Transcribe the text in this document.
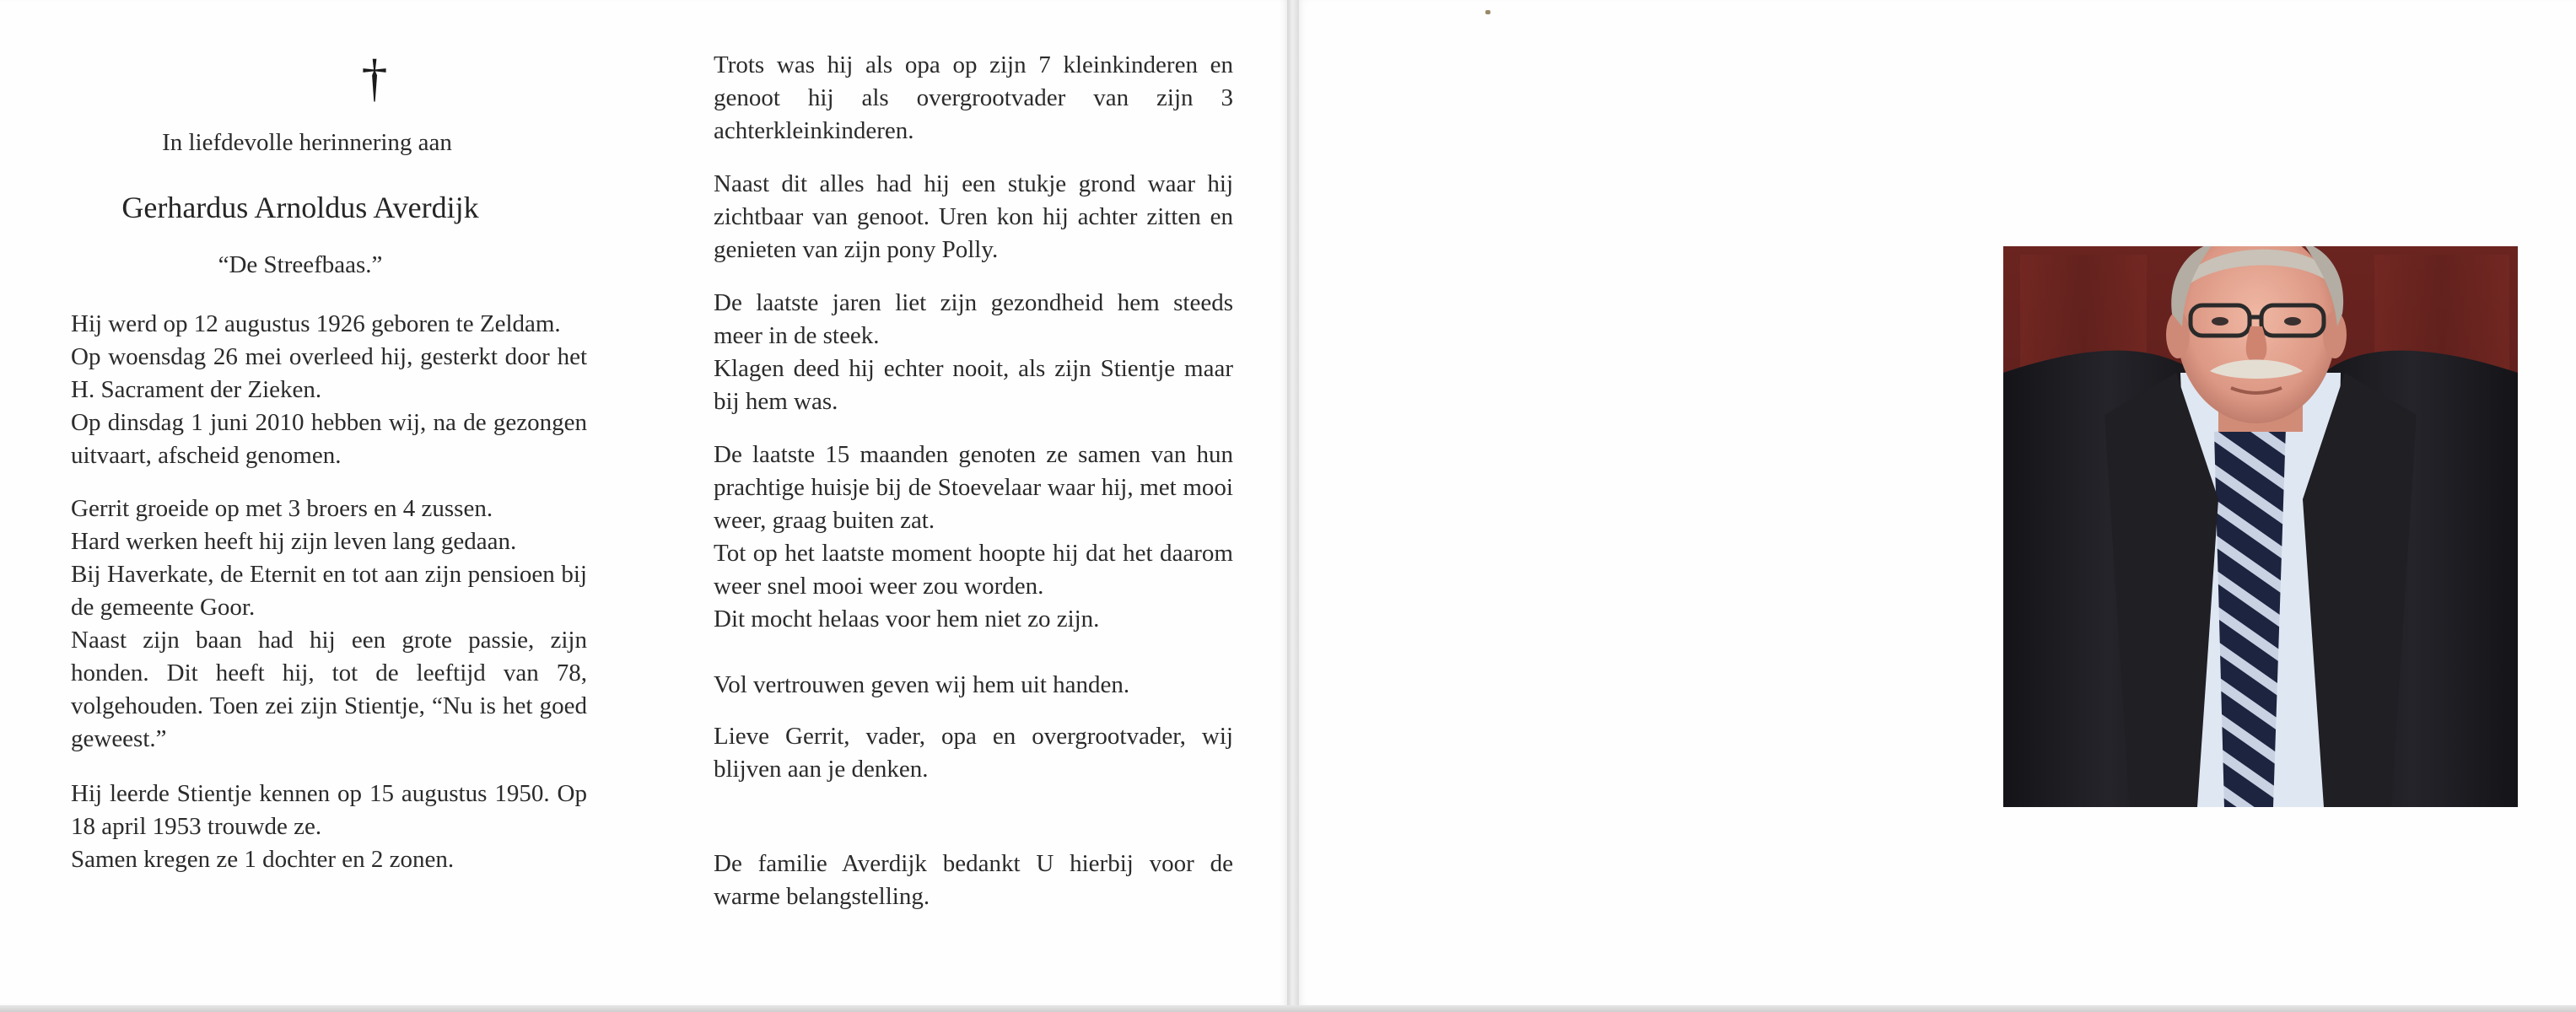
†
In liefdevolle herinnering aan
Gerhardus Arnoldus Averdijk
“De Streefbaas.”

Hij werd op 12 augustus 1926 geboren te Zeldam.

Op woensdag 26 mei overleed hij, gesterkt door het H. Sacrament der Zieken.

Op dinsdag 1 juni 2010 hebben wij, na de gezongen uitvaart, afscheid genomen.

Gerrit groeide op met 3 broers en 4 zussen.

Hard werken heeft hij zijn leven lang gedaan.

Bij Haverkate, de Eternit en tot aan zijn pensioen bij de gemeente Goor.

Naast zijn baan had hij een grote passie, zijn honden. Dit heeft hij, tot de leeftijd van 78, volgehouden. Toen zei zijn Stientje, “Nu is het goed geweest.”

Hij leerde Stientje kennen op 15 augustus 1950. Op 18 april 1953 trouwde ze.

Samen kregen ze 1 dochter en 2 zonen.

Trots was hij als opa op zijn 7 kleinkinderen en genoot hij als overgrootvader van zijn 3 achterkleinkinderen.

Naast dit alles had hij een stukje grond waar hij zichtbaar van genoot. Uren kon hij achter zitten en genieten van zijn pony Polly.

De laatste jaren liet zijn gezondheid hem steeds meer in de steek.

Klagen deed hij echter nooit, als zijn Stientje maar bij hem was.

De laatste 15 maanden genoten ze samen van hun prachtige huisje bij de Stoevelaar waar hij, met mooi weer, graag buiten zat.

Tot op het laatste moment hoopte hij dat het daarom weer snel mooi weer zou worden.

Dit mocht helaas voor hem niet zo zijn.

Vol vertrouwen geven wij hem uit handen.

Lieve Gerrit, vader, opa en overgrootvader, wij blijven aan je denken.

De familie Averdijk bedankt U hierbij voor de warme belangstelling.
